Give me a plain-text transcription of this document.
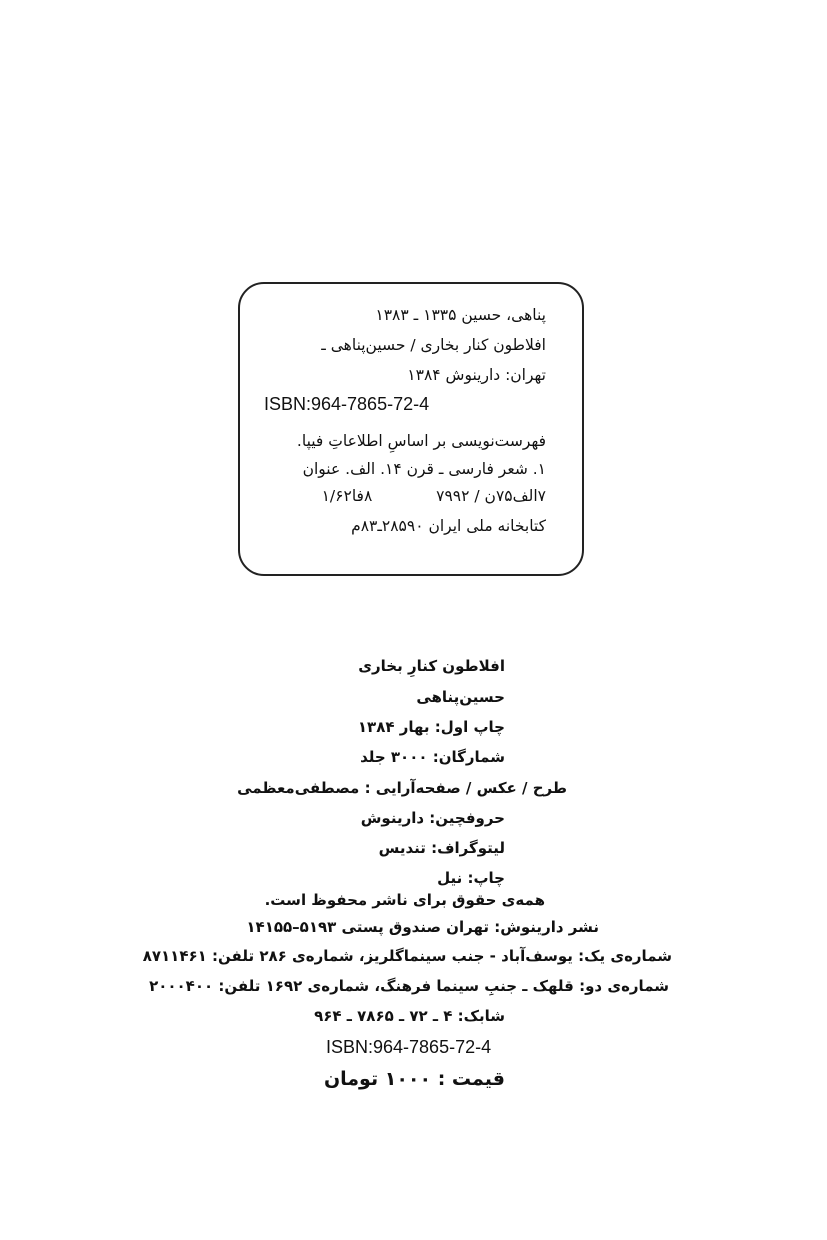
پناهی، حسین ۱۳۳۵ ـ ۱۳۸۳
افلاطون کنار بخاری / حسین‌پناهی ـ
تهران: دارینوش ۱۳۸۴
ISBN:964-7865-72-4
فهرست‌نویسی بر اساسِ اطلاعاتِ فیپا.
۱. شعر فارسی ـ قرن ۱۴. الف. عنوان
۷الف۷۵ن / ۷۹۹۲  ۸فا۱/۶۲
کتابخانه ملی ایران ۲۸۵۹۰ـ۸۳م
افلاطون کنارِ بخاری
حسین‌پناهی
چاپ اول: بهار ۱۳۸۴
شمارگان: ۳۰۰۰ جلد
طرح / عکس / صفحه‌آرایی : مصطفی‌معظمی
حروفچین: دارینوش
لیتوگراف: تندیس
چاپ: نیل
همه‌ی حقوق برای ناشر محفوظ است.
نشر دارینوش: تهران صندوق پستی ۵۱۹۳–۱۴۱۵۵
شماره‌ی یک: یوسف‌آباد - جنب سینماگلریز، شماره‌ی ۲۸۶ تلفن: ۸۷۱۱۴۶۱
شماره‌ی دو: قلهک ـ جنبِ سینما فرهنگ، شماره‌ی ۱۶۹۲ تلفن: ۲۰۰۰۴۰۰
شابک: ۴ ـ ۷۲ ـ ۷۸۶۵ ـ ۹۶۴
ISBN:964-7865-72-4
قیمت : ۱۰۰۰ تومان
